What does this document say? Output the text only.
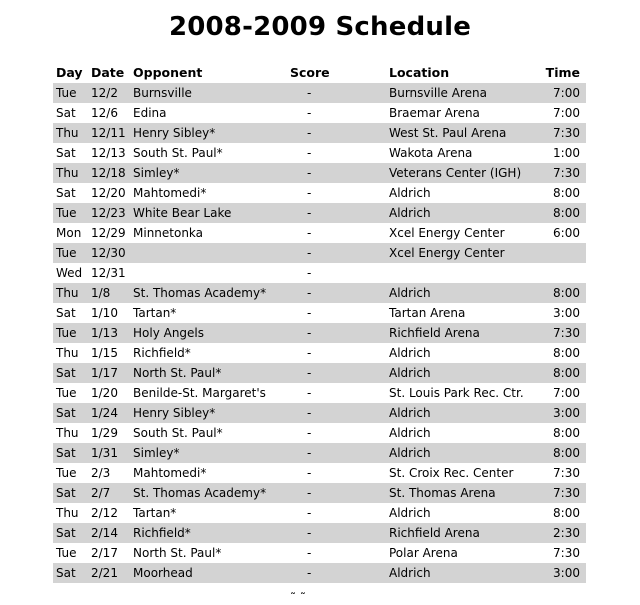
2008-2009 Schedule
Day Date Opponent	Score	Location	Time
Tue 12/2 Burnsville	-	Burnsville Arena	7:00
Sat 12/6 Edina	-	Braemar Arena	7:00
Thu 12/11 Henry Sibley*	-	West St. Paul Arena	7:30
Sat 12/13 South St. Paul*	-	Wakota Arena	1:00
Thu 12/18 Simley*	-	Veterans Center (IGH)	7:30
Sat 12/20 Mahtomedi*	-	Aldrich	8:00
Tue 12/23 White Bear Lake	-	Aldrich	8:00
Mon 12/29 Minnetonka	-	Xcel Energy Center	6:00
Tue 12/30	-	Xcel Energy Center
Wed 12/31	-
Thu 1/8 St. Thomas Academy*	-	Aldrich	8:00
Sat 1/10 Tartan*	-	Tartan Arena	3:00
Tue 1/13 Holy Angels	-	Richfield Arena	7:30
Thu 1/15 Richfield*	-	Aldrich	8:00
Sat 1/17 North St. Paul*	-	Aldrich	8:00
Tue 1/20 Benilde-St. Margaret's	-	St. Louis Park Rec. Ctr. 7:00
Sat 1/24 Henry Sibley*	-	Aldrich	3:00
Thu 1/29 South St. Paul*	-	Aldrich	8:00
Sat 1/31 Simley*	-	Aldrich	8:00
Tue 2/3 Mahtomedi*	-	St. Croix Rec. Center	7:30
Sat 2/7 St. Thomas Academy*	-	St. Thomas Arena	7:30
Thu 2/12 Tartan*	-	Aldrich	8:00
Sat 2/14 Richfield*	-	Richfield Arena	2:30
Tue 2/17 North St. Paul*	-	Polar Arena	7:30
Sat 2/21 Moorhead	-	Aldrich	3:00
˜ ˜
